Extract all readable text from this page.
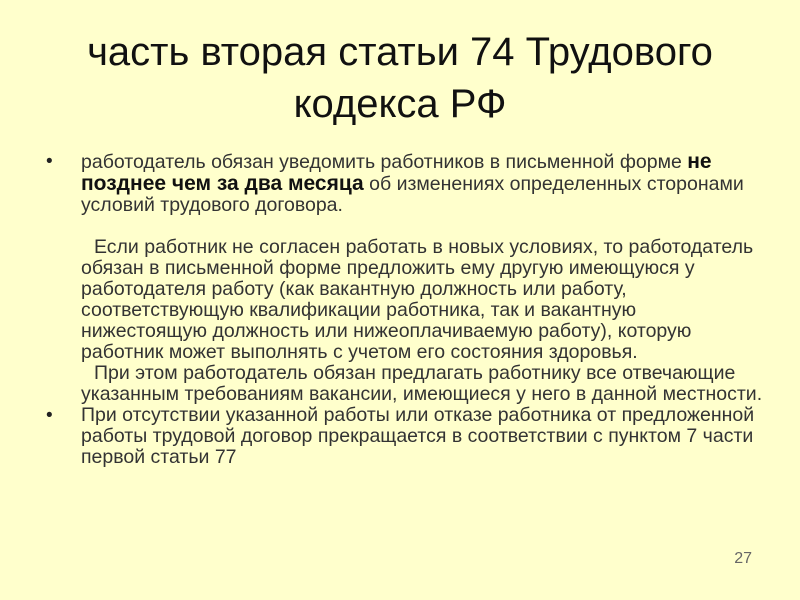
часть вторая статьи 74 Трудового
кодекса РФ
• работодатель обязан уведомить работников в письменной форме не позднее чем за два месяца об изменениях определенных сторонами условий трудового договора.
Если работник не согласен работать в новых условиях, то работодатель обязан в письменной форме предложить ему другую имеющуюся у работодателя работу (как вакантную должность или работу, соответствующую квалификации работника, так и вакантную нижестоящую должность или нижеоплачиваемую работу), которую работник может выполнять с учетом его состояния здоровья.
При этом работодатель обязан предлагать работнику все отвечающие указанным требованиям вакансии, имеющиеся у него в данной местности.
• При отсутствии указанной работы или отказе работника от предложенной работы трудовой договор прекращается в соответствии с пунктом 7 части первой статьи 77
27
